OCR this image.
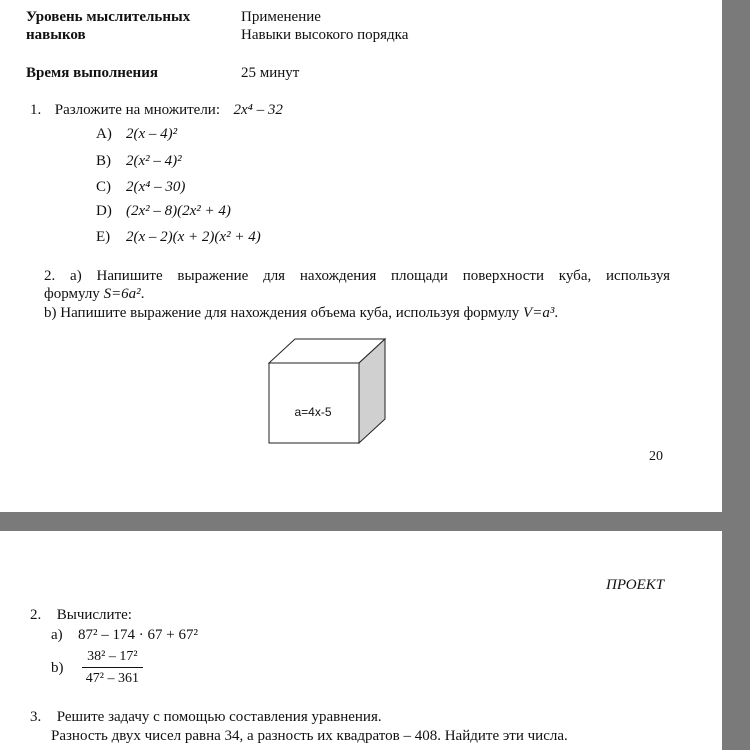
Уровень мыслительных
навыков
Применение
Навыки высокого порядка
Время выполнения	25 минут
1. Разложите на множители: 2x⁴ – 32
A) 2(x – 4)²
B) 2(x² – 4)²
C) 2(x⁴ – 30)
D) (2x² – 8)(2x² + 4)
E) 2(x – 2)(x + 2)(x² + 4)
2. a) Напишите выражение для нахождения площади поверхности куба, используя
формулу S=6a².
b) Напишите выражение для нахождения объема куба, используя формулу V=a³.
a=4x-5
20
ПРОЕКТ
2. Вычислите:
a) 87² – 174 · 67 + 67²
$b) \frac{\text{38² – 17²}}{\text{47² – 361}}$
3. Решите задачу с помощью составления уравнения.
Разность двух чисел равна 34, а разность их квадратов – 408. Найдите эти числа.
